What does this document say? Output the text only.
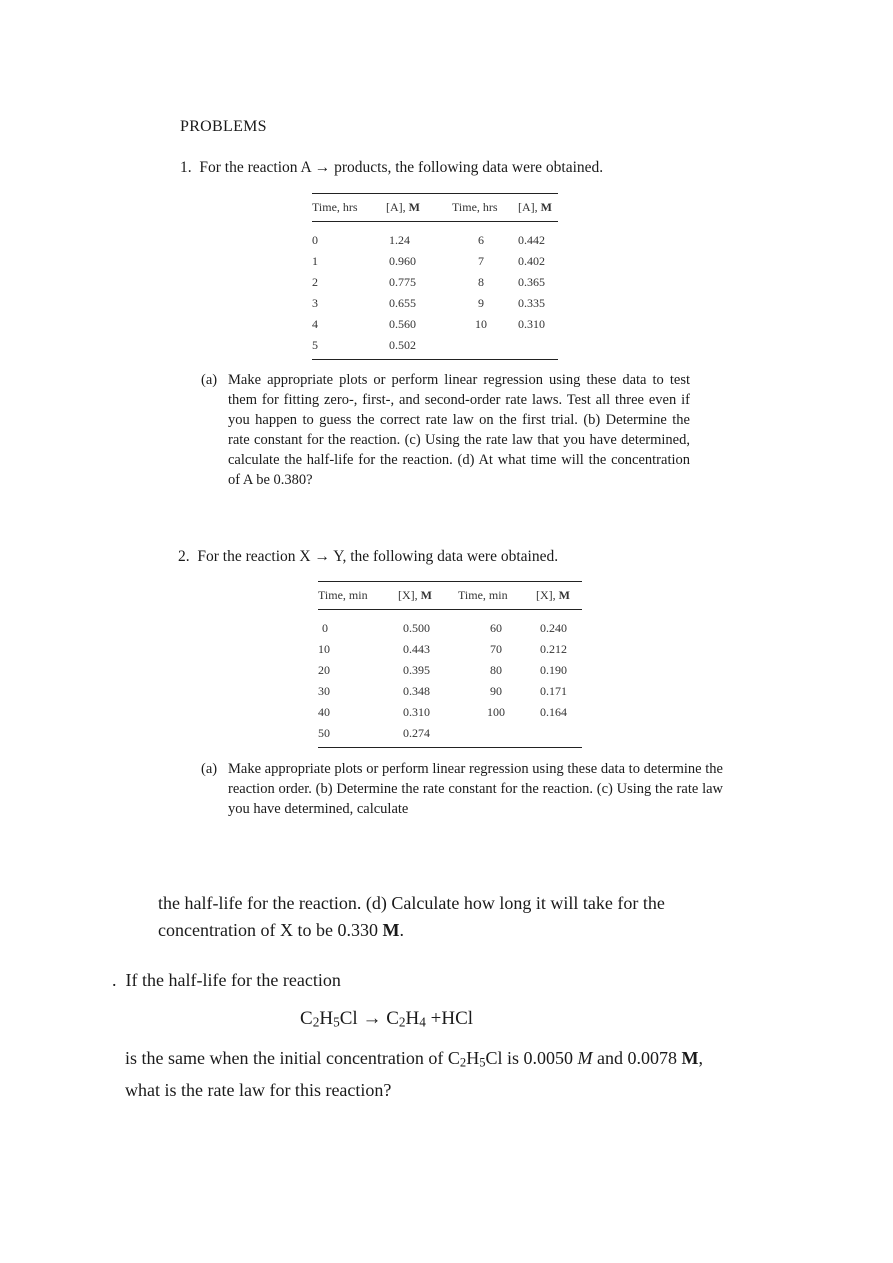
PROBLEMS
1. For the reaction A → products, the following data were obtained.
Time, hrs	[A], M	Time, hrs	[A], M
0	1.24	6	0.442
1	0.960	7	0.402
2	0.775	8	0.365
3	0.655	9	0.335
4	0.560	10	0.310
5	0.502		
(a) Make appropriate plots or perform linear regression using these data to test them for fitting zero-, first-, and second-order rate laws. Test all three even if you happen to guess the correct rate law on the first trial. (b) Determine the rate constant for the reaction. (c) Using the rate law that you have determined, calculate the half-life for the reaction. (d) At what time will the concentration of A be 0.380?
2. For the reaction X → Y, the following data were obtained.
Time, min	[X], M	Time, min	[X], M
0	0.500	60	0.240
10	0.443	70	0.212
20	0.395	80	0.190
30	0.348	90	0.171
40	0.310	100	0.164
50	0.274		
(a) Make appropriate plots or perform linear regression using these data to determine the reaction order. (b) Determine the rate constant for the reaction. (c) Using the rate law you have determined, calculate
the half-life for the reaction. (d) Calculate how long it will take for the concentration of X to be 0.330 M.
. If the half-life for the reaction
$C_2H_5Cl \to C_2H_4 +HCl$
is the same when the initial concentration of $C_2H_5Cl$ is 0.0050 M and 0.0078 M, what is the rate law for this reaction?
